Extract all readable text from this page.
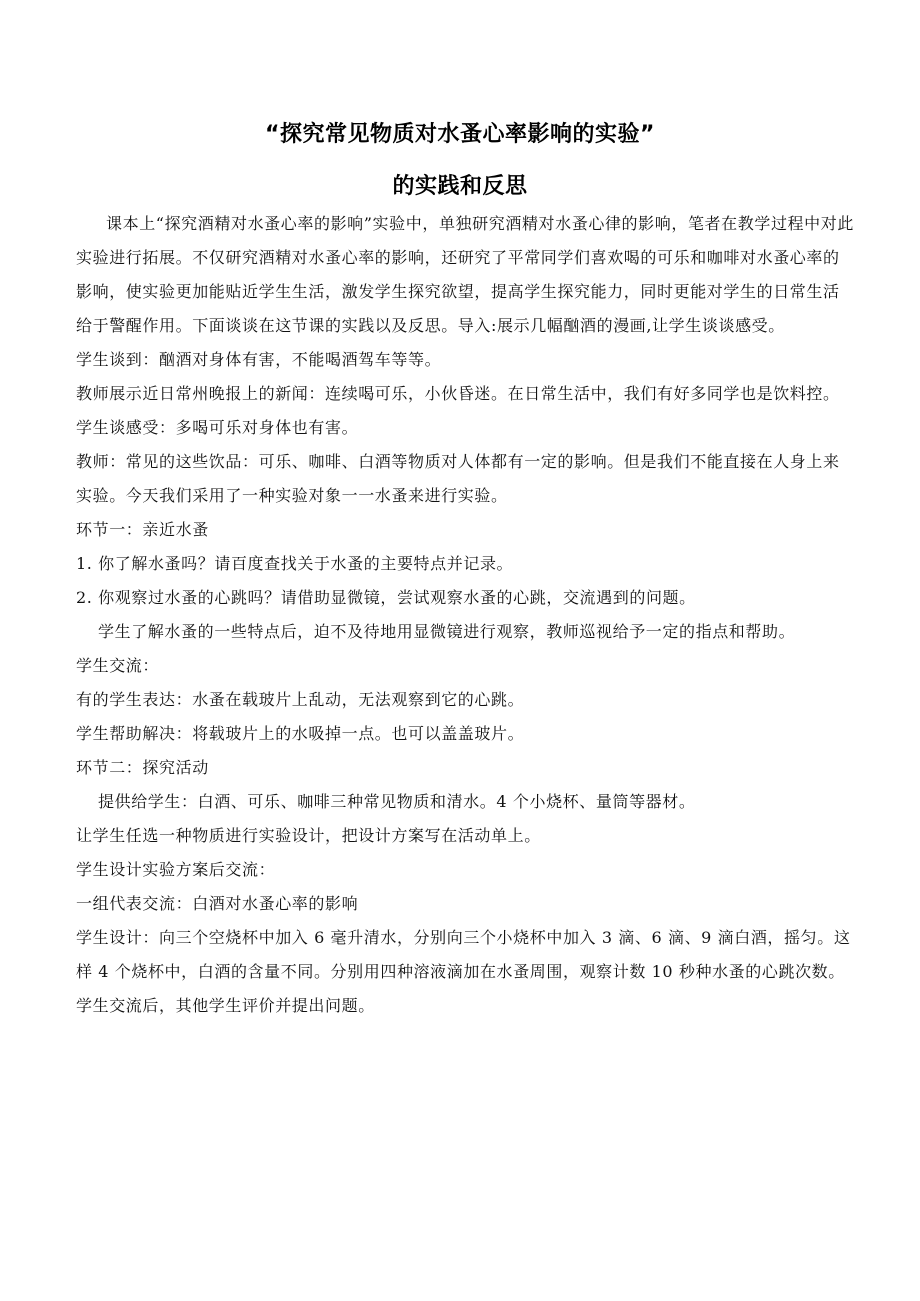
“探究常见物质对水蚤心率影响的实验”
的实践和反思

课本上“探究酒精对水蚤心率的影响”实验中，单独研究酒精对水蚤心律的影响，笔者在教学过程中对此实验进行拓展。不仅研究酒精对水蚤心率的影响，还研究了平常同学们喜欢喝的可乐和咖啡对水蚤心率的影响，使实验更加能贴近学生生活，激发学生探究欲望，提高学生探究能力，同时更能对学生的日常生活给于警醒作用。下面谈谈在这节课的实践以及反思。导入:展示几幅酗酒的漫画,让学生谈谈感受。

学生谈到：酗酒对身体有害，不能喝酒驾车等等。

教师展示近日常州晚报上的新闻：连续喝可乐，小伙昏迷。在日常生活中，我们有好多同学也是饮料控。

学生谈感受：多喝可乐对身体也有害。

教师：常见的这些饮品：可乐、咖啡、白酒等物质对人体都有一定的影响。但是我们不能直接在人身上来实验。今天我们采用了一种实验对象一一水蚤来进行实验。

环节一：亲近水蚤

1. 你了解水蚤吗？请百度查找关于水蚤的主要特点并记录。

2. 你观察过水蚤的心跳吗？请借助显微镜，尝试观察水蚤的心跳，交流遇到的问题。

学生了解水蚤的一些特点后，迫不及待地用显微镜进行观察，教师巡视给予一定的指点和帮助。

学生交流：

有的学生表达：水蚤在载玻片上乱动，无法观察到它的心跳。

学生帮助解决：将载玻片上的水吸掉一点。也可以盖盖玻片。

环节二：探究活动

提供给学生：白酒、可乐、咖啡三种常见物质和清水。4 个小烧杯、量筒等器材。

让学生任选一种物质进行实验设计，把设计方案写在活动单上。

学生设计实验方案后交流：

一组代表交流：白酒对水蚤心率的影响

学生设计：向三个空烧杯中加入 6 毫升清水，分别向三个小烧杯中加入 3 滴、6 滴、9 滴白酒，摇匀。这样 4 个烧杯中，白酒的含量不同。分别用四种溶液滴加在水蚤周围，观察计数 10 秒种水蚤的心跳次数。

学生交流后，其他学生评价并提出问题。
